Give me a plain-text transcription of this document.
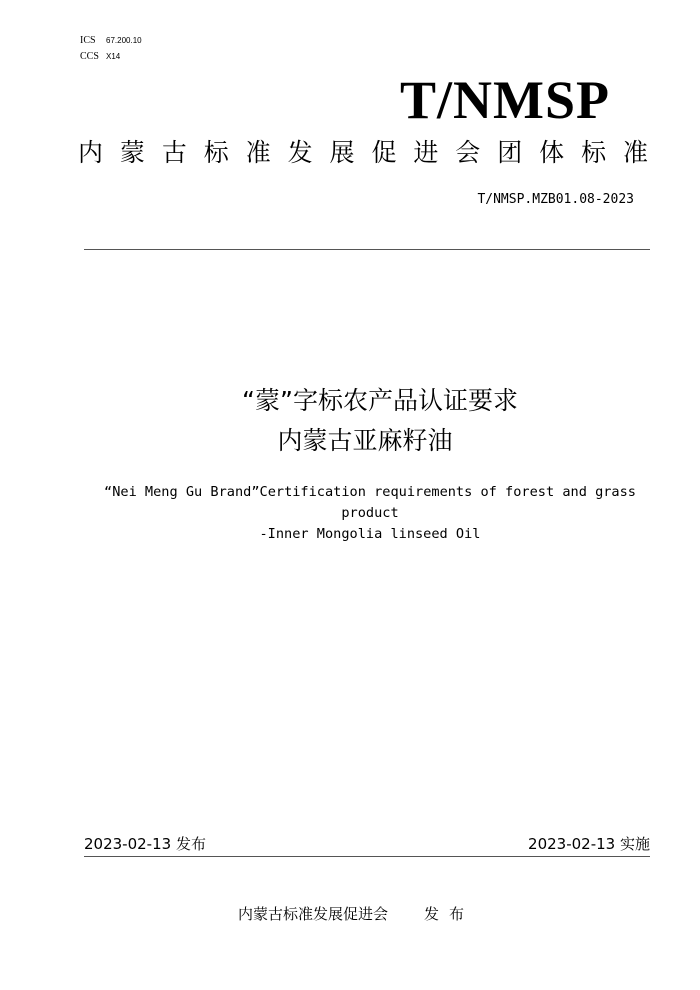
ICS 67.200.10
CCS X14
T/NMSP
内 蒙 古 标 准 发 展 促 进 会 团 体 标 准
T/NMSP.MZB01.08-2023
“蒙”字标农产品认证要求
内蒙古亚麻籽油
“Nei Meng Gu Brand”Certification requirements of forest and grass
product
-Inner Mongolia linseed Oil
2023-02-13 发布	2023-02-13 实施
内蒙古标准发展促进会 发布
